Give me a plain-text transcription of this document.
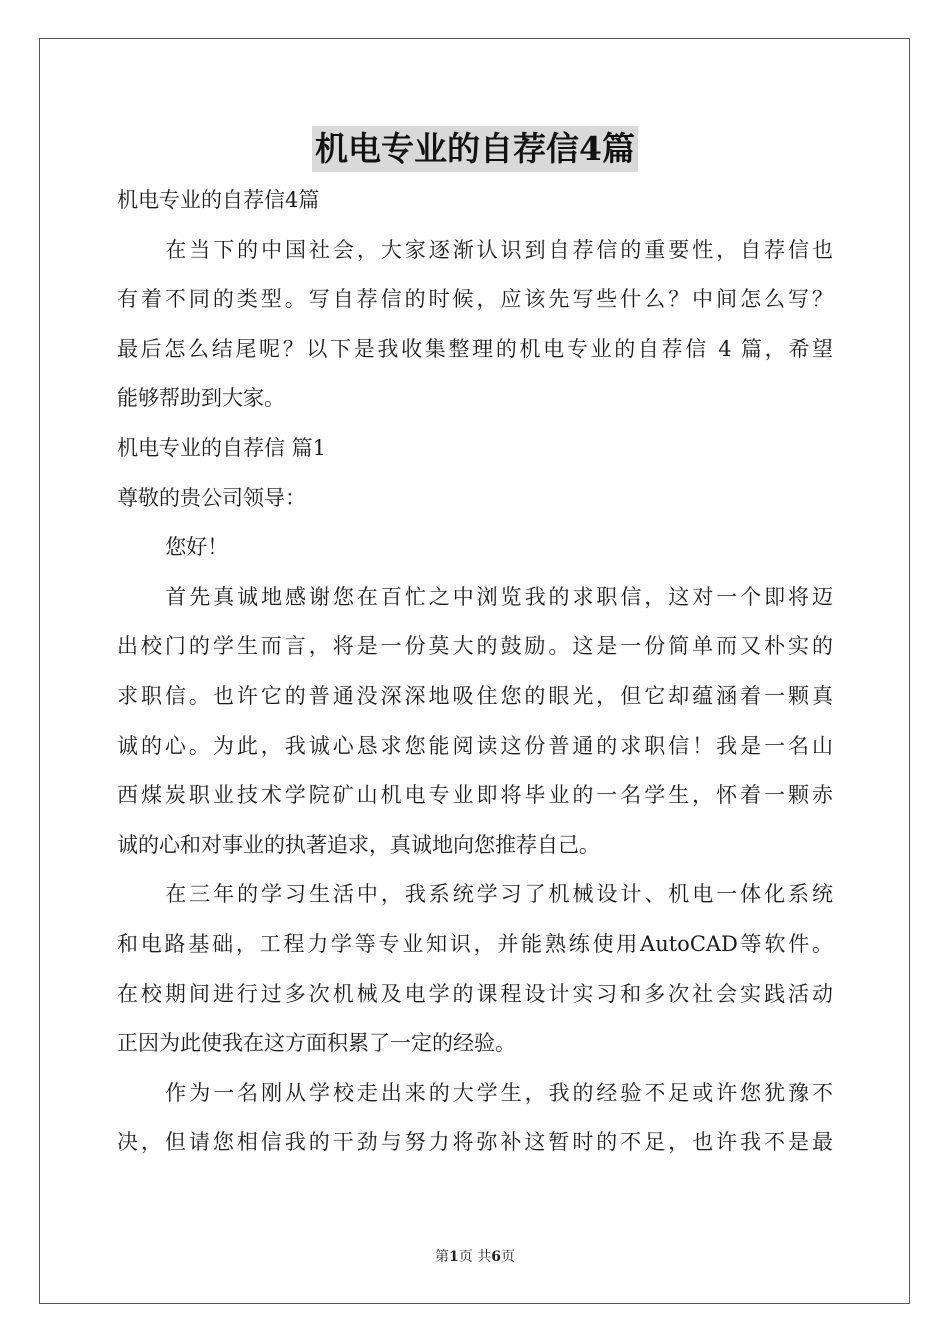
机电专业的自荐信4篇
机电专业的自荐信4篇
在当下的中国社会，大家逐渐认识到自荐信的重要性，自荐信也
有着不同的类型。写自荐信的时候，应该先写些什么？中间怎么写？
最后怎么结尾呢？以下是我收集整理的机电专业的自荐信 4 篇，希望
能够帮助到大家。
机电专业的自荐信 篇1
尊敬的贵公司领导：
您好！
首先真诚地感谢您在百忙之中浏览我的求职信，这对一个即将迈
出校门的学生而言，将是一份莫大的鼓励。这是一份简单而又朴实的
求职信。也许它的普通没深深地吸住您的眼光，但它却蕴涵着一颗真
诚的心。为此，我诚心恳求您能阅读这份普通的求职信！我是一名山
西煤炭职业技术学院矿山机电专业即将毕业的一名学生，怀着一颗赤
诚的心和对事业的执著追求，真诚地向您推荐自己。
在三年的学习生活中，我系统学习了机械设计、机电一体化系统
和电路基础，工程力学等专业知识，并能熟练使用AutoCAD等软件。
在校期间进行过多次机械及电学的课程设计实习和多次社会实践活动
正因为此使我在这方面积累了一定的经验。
作为一名刚从学校走出来的大学生，我的经验不足或许您犹豫不
决，但请您相信我的干劲与努力将弥补这暂时的不足，也许我不是最
第1页 共6页
